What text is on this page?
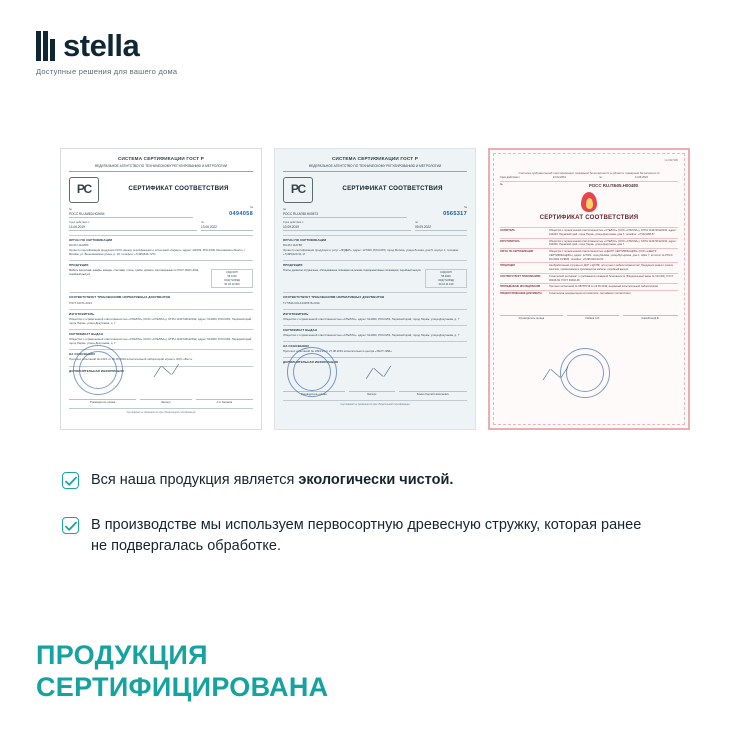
stella
Доступные решения для вашего дома
СИСТЕМА СЕРТИФИКАЦИИ ГОСТ Р
ФЕДЕРАЛЬНОЕ АГЕНТСТВО ПО ТЕХНИЧЕСКОМУ РЕГУЛИРОВАНИЮ И МЕТРОЛОГИИ
РС	СЕРТИФИКАТ СООТВЕТСТВИЯ
№
РОСС RU.АИ83.Н02694
№
0494058
Срок действия с
14.06.2019
по
13.06.2022
ОРГАН ПО СЕРТИФИКАЦИИ
RA.RU.11АИ83
Орган по сертификации продукции ООО «Центр сертификации и испытаний «Гарант»; адрес: 111539, РОССИЯ, Московская область, г. Москва, ул. Вешняковская улица, д. 18; телефон: +7(495)646-7271
ПРОДУКЦИЯ
Мебель корпусная: шкафы, комоды, стеллажи, столы, тумбы, кровати, изготовленные по ГОСТ 16371-2014, серийный выпуск
КОД ОКП
56 1100
КОД ТН ВЭД
94 03 10 000
СООТВЕТСТВУЕТ ТРЕБОВАНИЯМ НОРМАТИВНЫХ ДОКУМЕНТОВ
ГОСТ 16371-2014
ИЗГОТОВИТЕЛЬ
Общество с ограниченной ответственностью «СТЕЛЛА» (ООО «СТЕЛЛА»), ОГРН 1134746122192, адрес: 614000, РОССИЯ, Пермский край, город Пермь, улица Докучаева, д. 7
СЕРТИФИКАТ ВЫДАН
Общество с ограниченной ответственностью «СТЕЛЛА» (ООО «СТЕЛЛА»), ОГРН 1134746122192, адрес: 614000, РОССИЯ, Пермский край, город Пермь, улица Докучаева, д. 7
НА ОСНОВАНИИ
Протокол испытаний № 241/1 от 05.06.2019 испытательной лаборатории «Грант» ООО «Бэст»
ДОПОЛНИТЕЛЬНАЯ ИНФОРМАЦИЯ
Руководитель органа	Эксперт	А.А. Беликов
Сертификат не применяется при обязательной сертификации
⟋⟍⟋
СИСТЕМА СЕРТИФИКАЦИИ ГОСТ Р
ФЕДЕРАЛЬНОЕ АГЕНТСТВО ПО ТЕХНИЧЕСКОМУ РЕГУЛИРОВАНИЮ И МЕТРОЛОГИИ
РС	СЕРТИФИКАТ СООТВЕТСТВИЯ
№
РОСС RU.АГ88.Н00573
№
0565317
Срок действия с
10.09.2019
по
09.09.2022
ОРГАН ПО СЕРТИФИКАЦИИ
RA.RU.11АГ88
Орган по сертификации продукции и услуг «ЛИДЕР»; адрес: 127000, РОССИЯ, город Москва, улица Лесная, дом 5, корпус 1; телефон: +7(495)120-31-17
ПРОДУКЦИЯ
Плиты древесно-стружечные, облицованные плёнками на основе термореактивных полимеров, серийный выпуск
КОД ОКП
55 3400
КОД ТН ВЭД
44 10 11 100
СООТВЕТСТВУЕТ ТРЕБОВАНИЯМ НОРМАТИВНЫХ ДОКУМЕНТОВ
ТУ 5534-001-12345678-2019
ИЗГОТОВИТЕЛЬ
Общество с ограниченной ответственностью «СТЕЛЛА», адрес: 614000, РОССИЯ, Пермский край, город Пермь, улица Докучаева, д. 7
СЕРТИФИКАТ ВЫДАН
Общество с ограниченной ответственностью «СТЕЛЛА», адрес: 614000, РОССИЯ, Пермский край, город Пермь, улица Докучаева, д. 7
НА ОСНОВАНИИ
Протокол испытаний № 1093/19 от 27.08.2019 испытательного центра «ТЕСТ-ЛАБ»
ДОПОЛНИТЕЛЬНАЯ ИНФОРМАЦИЯ
Руководитель органа	Эксперт	Зимин Сергей Николаевич
Сертификат не применяется при обязательной сертификации
⟋⟍⟋
№ 0117196
Система добровольной сертификации пожарной безопасности в области пожарной безопасности
Срок действия с	10.02.2019	по	11.06.2024
№	РОСС RU.ПБ05.Н00480
СЕРТИФИКАТ СООТВЕТСТВИЯ
ЗАЯВИТЕЛЬ	Общество с ограниченной ответственностью «СТЕЛЛА» (ООО «СТЕЛЛА»), ОГРН 1134746122192, адрес: 614000, Пермский край, город Пермь, улица Докучаева, дом 7, телефон: +7(342)288-57
ИЗГОТОВИТЕЛЬ	Общество с ограниченной ответственностью «СТЕЛЛА» (ООО «СТЕЛЛА»), ОГРН 1134746122192, адрес: 614000, Пермский край, город Пермь, улица Докучаева, дом 7
ОРГАН ПО СЕРТИФИКАЦИИ	Общество с ограниченной ответственностью «ЦЕНТР СЕРТИФИКАЦИИ» (ООО «ЦЕНТР СЕРТИФИКАЦИИ»), адрес: 127001, город Москва, улица Бутырская, дом 1, офис 7, аттестат № РОСС RU.0001.11ПБ05, телефон: +7(495)120-00-00
ПРОДУКЦИЯ	Необработанная стружка из ДСП и ДСПФ, для кухни и мебели влажностей. Продукция разного класса эмиссии, применяемая в производстве мебели, серийный выпуск
СООТВЕТСТВУЕТ ТРЕБОВАНИЯМ	Технический регламент о требованиях пожарной безопасности (Федеральный закон № 123-ФЗ), ГОСТ 30244-94, ГОСТ 30402-96
ПРОВЕДЁННЫЕ ИССЛЕДОВАНИЯ	Протокол испытаний № 087/Пб/19 от 23.06.2019, выданный испытательной лабораторией
ПРЕДОСТАВЛЕННЫЕ ДОКУМЕНТЫ	Техническая документация изготовителя, сертификат соответствия
Руководитель органа	Кабаев С.И.	Самойлов Д.В.
⟋⟍⟋
Вся наша продукция является экологически чистой.
В производстве мы используем первосортную древесную стружку, которая ранее не подвергалась обработке.
ПРОДУКЦИЯ
СЕРТИФИЦИРОВАНА
